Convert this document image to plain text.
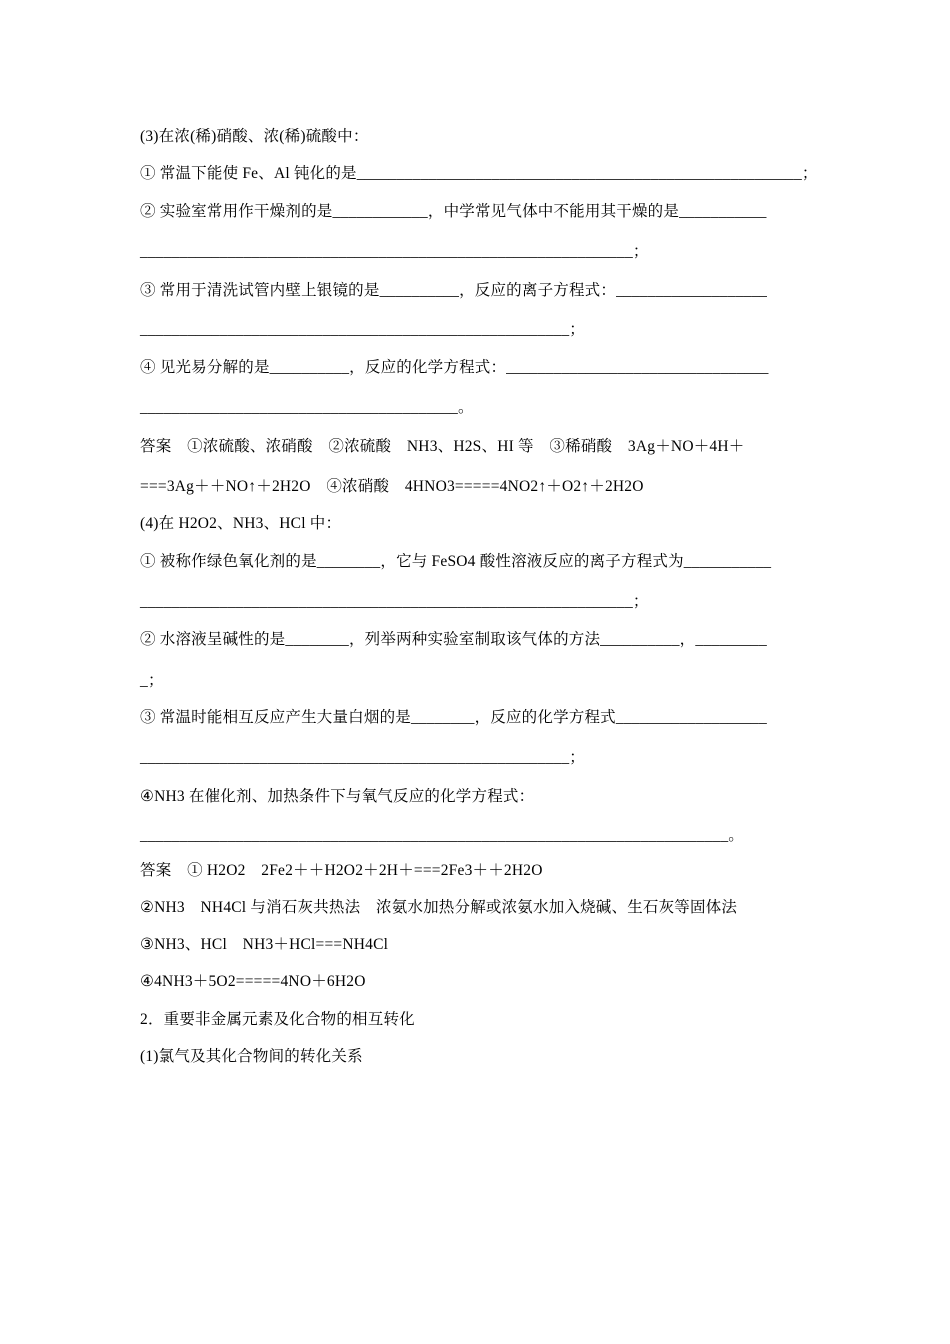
(3)在浓(稀)硝酸、浓(稀)硫酸中：
① 常温下能使 Fe、Al 钝化的是________________________________________________________；
② 实验室常用作干燥剂的是____________，中学常见气体中不能用其干燥的是___________
______________________________________________________________；
③ 常用于清洗试管内壁上银镜的是__________，反应的离子方程式：___________________
______________________________________________________；
④ 见光易分解的是__________，反应的化学方程式：_________________________________
________________________________________。
答案　①浓硫酸、浓硝酸　②浓硫酸　NH3、H2S、HI 等　③稀硝酸　3Ag＋NO＋4H＋
===3Ag＋＋NO↑＋2H2O　④浓硝酸　4HNO3=====4NO2↑＋O2↑＋2H2O
(4)在 H2O2、NH3、HCl 中：
① 被称作绿色氧化剂的是________，它与 FeSO4 酸性溶液反应的离子方程式为___________
______________________________________________________________；
② 水溶液呈碱性的是________，列举两种实验室制取该气体的方法__________，_________
_；
③ 常温时能相互反应产生大量白烟的是________，反应的化学方程式___________________
______________________________________________________；
④NH3 在催化剂、加热条件下与氧气反应的化学方程式：
__________________________________________________________________________。
答案　① H2O2　2Fe2＋＋H2O2＋2H＋===2Fe3＋＋2H2O
②NH3　NH4Cl 与消石灰共热法　浓氨水加热分解或浓氨水加入烧碱、生石灰等固体法
③NH3、HCl　NH3＋HCl===NH4Cl
④4NH3＋5O2=====4NO＋6H2O
2．重要非金属元素及化合物的相互转化
(1)氯气及其化合物间的转化关系
